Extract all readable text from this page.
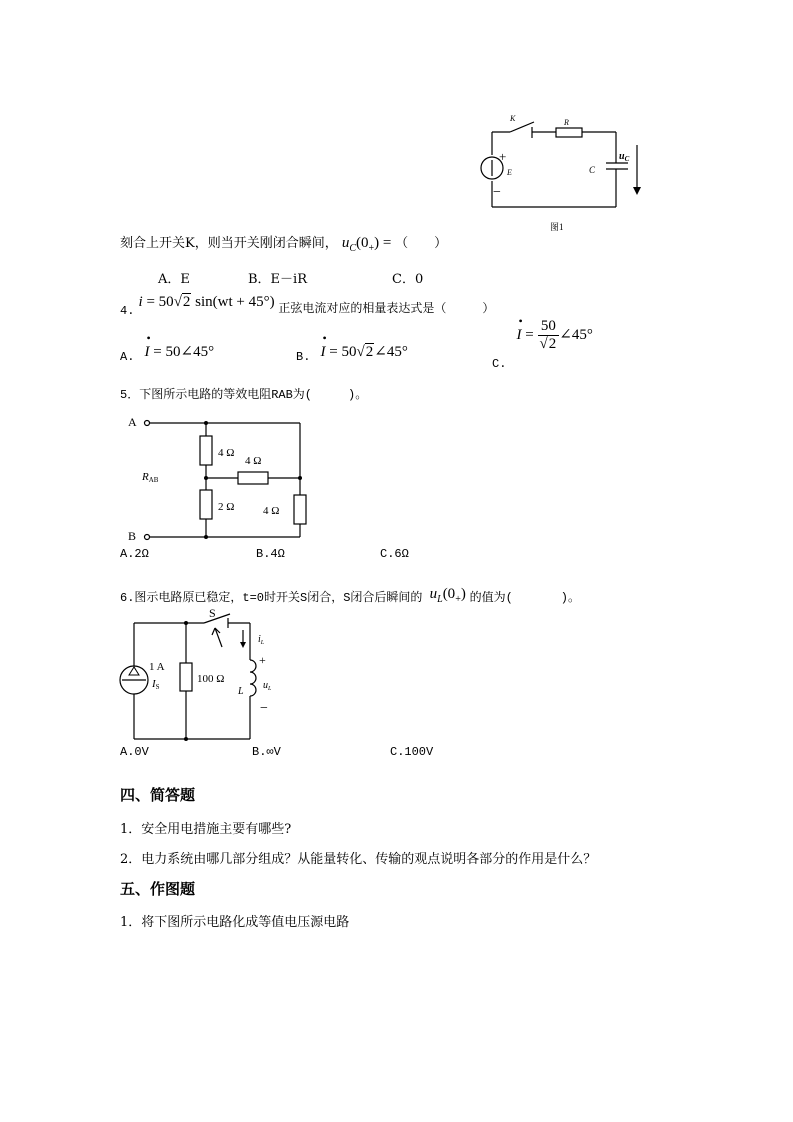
K	R
+
E
−
C
$u_C$
图1
刻合上开关K，则当开关刚闭合瞬间， $u_C(0_+)$ = （　　）
A．E	B．E－iR	C．0
4. i = 50√2 sin(wt + 45°) 正弦电流对应的相量表达式是（　　　）
A. • I = 50∠45°	B. • I = 50√2∠45°
C. • $I = \frac{50}{√2}$ ∠45°
5．下图所示电路的等效电阻RAB为(　　　)。
A
B
RAB
4 Ω
4 Ω
2 Ω	4 Ω
A.2Ω	B.4Ω	C.6Ω
6.图示电路原已稳定，t=0时开关S闭合，S闭合后瞬间的 $u_L(0_+)$ 的值为(　　　　)。
S
1 A
IS
100 Ω
$i_L$
+
L
$u_L$
−
A.0V	B.∞V	C.100V
四、简答题
1．安全用电措施主要有哪些?
2．电力系统由哪几部分组成？从能量转化、传输的观点说明各部分的作用是什么？
五、作图题
1．将下图所示电路化成等值电压源电路
